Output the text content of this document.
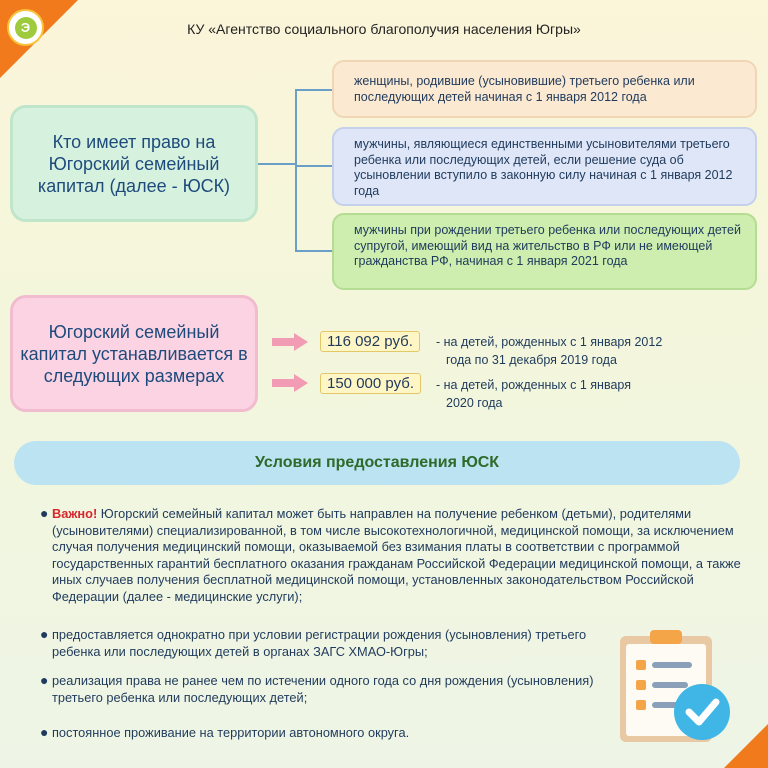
Э	КУ «Агентство социального благополучия населения Югры»
Кто имеет право на Югорский семейный капитал (далее - ЮСК)
женщины, родившие (усыновившие) третьего ребенка или последующих детей начиная с 1 января 2012 года
мужчины, являющиеся единственными усыновителями третьего ребенка или последующих детей, если решение суда об усыновлении вступило в законную силу начиная с 1 января 2012 года
мужчины при рождении третьего ребенка или последующих детей супругой, имеющий вид на жительство в РФ или не имеющей гражданства РФ, начиная с 1 января 2021 года
Югорский семейный капитал устанавливается в следующих размерах
116 092 руб.	- на детей, рожденных с 1 января 2012
года по 31 декабря 2019 года
150 000 руб.	- на детей, рожденных с 1 января
2020 года
Условия предоставления ЮСК
● Важно! Югорский семейный капитал может быть направлен на получение ребенком (детьми), родителями (усыновителями) специализированной, в том числе высокотехнологичной, медицинской помощи, за исключением случая получения медицинский помощи, оказываемой без взимания платы в соответствии с программой государственных гарантий бесплатного оказания гражданам Российской Федерации медицинской помощи, а также иных случаев получения бесплатной медицинской помощи, установленных законодательством Российской Федерации (далее - медицинские услуги);
● предоставляется однократно при условии регистрации рождения (усыновления) третьего ребенка или последующих детей в органах ЗАГС ХМАО-Югры;
● реализация права не ранее чем по истечении одного года со дня рождения (усыновления) третьего ребенка или последующих детей;
● постоянное проживание на территории автономного округа.
